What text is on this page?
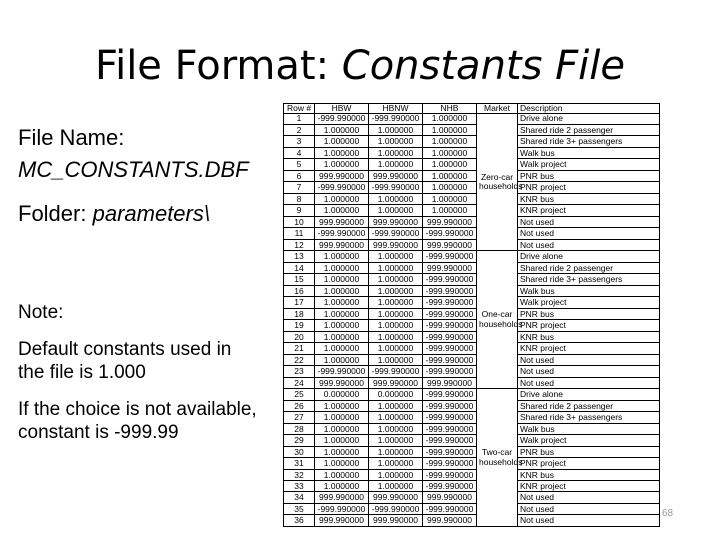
File Format: Constants File
File Name:
MC_CONSTANTS.DBF
Folder: parameters\
Note:
Default constants used in the file is 1.000
If the choice is not available, constant is -999.99
Row #	HBW	HBNW	NHB	Market	Description
1	-999.990000	-999.990000	1.000000	Zero-car households	Drive alone
2	1.000000	1.000000	1.000000		Shared ride 2 passenger
3	1.000000	1.000000	1.000000		Shared ride 3+ passengers
4	1.000000	1.000000	1.000000		Walk bus
5	1.000000	1.000000	1.000000		Walk project
6	999.990000	999.990000	1.000000		PNR bus
7	-999.990000	-999.990000	1.000000		PNR project
8	1.000000	1.000000	1.000000		KNR bus
9	1.000000	1.000000	1.000000		KNR project
10	999.990000	999.990000	999.990000		Not used
11	-999.990000	-999.990000	-999.990000		Not used
12	999.990000	999.990000	999.990000		Not used
13	1.000000	1.000000	-999.990000	One-car households	Drive alone
14	1.000000	1.000000	999.990000		Shared ride 2 passenger
15	1.000000	1.000000	-999.990000		Shared ride 3+ passengers
16	1.000000	1.000000	-999.990000		Walk bus
17	1.000000	1.000000	-999.990000		Walk project
18	1.000000	1.000000	-999.990000		PNR bus
19	1.000000	1.000000	-999.990000		PNR project
20	1.000000	1.000000	-999.990000		KNR bus
21	1.000000	1.000000	-999.990000		KNR project
22	1.000000	1.000000	-999.990000		Not used
23	-999.990000	-999.990000	-999.990000		Not used
24	999.990000	999.990000	999.990000		Not used
25	0.000000	0.000000	-999.990000	Two-car households	Drive alone
26	1.000000	1.000000	-999.990000		Shared ride 2 passenger
27	1.000000	1.000000	-999.990000		Shared ride 3+ passengers
28	1.000000	1.000000	-999.990000		Walk bus
29	1.000000	1.000000	-999.990000		Walk project
30	1.000000	1.000000	-999.990000		PNR bus
31	1.000000	1.000000	-999.990000		PNR project
32	1.000000	1.000000	-999.990000		KNR bus
33	1.000000	1.000000	-999.990000		KNR project
34	999.990000	999.990000	999.990000		Not used
35	-999.990000	-999.990000	-999.990000		Not used
36	999.990000	999.990000	999.990000		Not used
68
